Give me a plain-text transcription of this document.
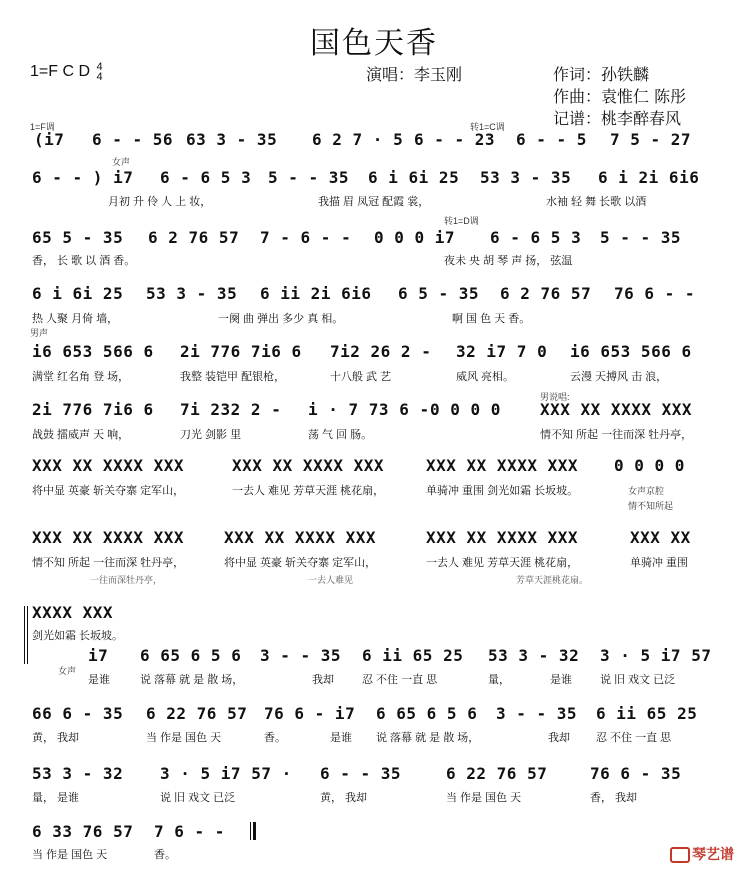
国色天香
1=F C D 4
4	演唱：李玉刚	作词：孙铁麟
作曲：袁惟仁 陈彤
记谱：桃李醉春风
1=F调	转1=C调
女声
转1=D调
男声
男说唱:
女声京腔
情不知所起
女声
(i7 6 - - 56 63 3 - 35 6 2 7 · 5 6 - - 23 6 - - 5 7 5 - 27
6 - - ) i7 6 - 6 5 3 5 - - 35 6 i 6i 25 53 3 - 35 6 i 2i 6i6
月初 升 伶 人 上 妆，	我描 眉 凤冠 配霞 裳，	水袖 轻 舞 长歌 以酒
65 5 - 35 6 2 76 57 7 - 6 - - 0 0 0 i7 6 - 6 5 3 5 - - 35
香， 长 歌 以 酒 香。	夜未 央 胡 琴 声 扬， 弦温
6 i 6i 25 53 3 - 35 6 ii 2i 6i6 6 5 - 35 6 2 76 57 76 6 - -
热 人聚 月倚 墙，	一阕 曲 弹出 多少 真 相。	啊 国 色 天 香。
i6 653 566 6 2i 776 7i6 6 7i2 26 2 - 32 i7 7 0 i6 653 566 6
满堂 红名角 登 场，	我整 装铠甲 配银枪，	十八般 武 艺	威风 亮相。	云漫 天搏风 击 浪，
2i 776 7i6 6 7i 232 2 - i · 7 73 6 - 0 0 0 0 XXX XX XXXX XXX
战鼓 擂威声 天 响，	刀光 剑影 里	荡 气 回 肠。	情不知 所起 一往而深 牡丹亭，
XXX XX XXXX XXX	XXX XX XXXX XXX	XXX XX XXXX XXX 0 0 0 0
将中显 英豪 斩关夺寨 定军山，	一去人 难见 芳草天涯 桃花扇，	单骑冲 重围 剑光如霜 长坂坡。
XXX XX XXXX XXX	XXX XX XXXX XXX	XXX XX XXXX XXX	XXX XX
情不知 所起 一往而深 牡丹亭，	将中显 英豪 斩关夺寨 定军山，	一去人 难见 芳草天涯 桃花扇，	单骑冲 重围
一往而深牡丹亭，	一去人难见	芳草天涯桃花扇。
XXXX XXX
剑光如霜 长坂坡。
i7 6 65 6 5 6 3 - - 35 6 ii 65 25 53 3 - 32 3 · 5 i7 57
是谁	说 落幕 就 是 散 场，	我却	忍 不住 一直 思	量，	是谁	说 旧 戏文 已泛
66 6 - 35 6 22 76 57 76 6 - i7 6 65 6 5 6 3 - - 35 6 ii 65 25
黄， 我却	当 作是 国色 天	香。	是谁 说 落幕 就 是 散 场，	我却 忍 不住 一直 思
53 3 - 32 3 · 5 i7 57 · 6 - - 35	6 22 76 57	76 6 - 35
量， 是谁	说 旧 戏文 已泛	黄， 我却	当 作是 国色 天	香， 我却
6 33 76 57 7 6 - -
当 作是 国色 天	香。	琴艺谱
